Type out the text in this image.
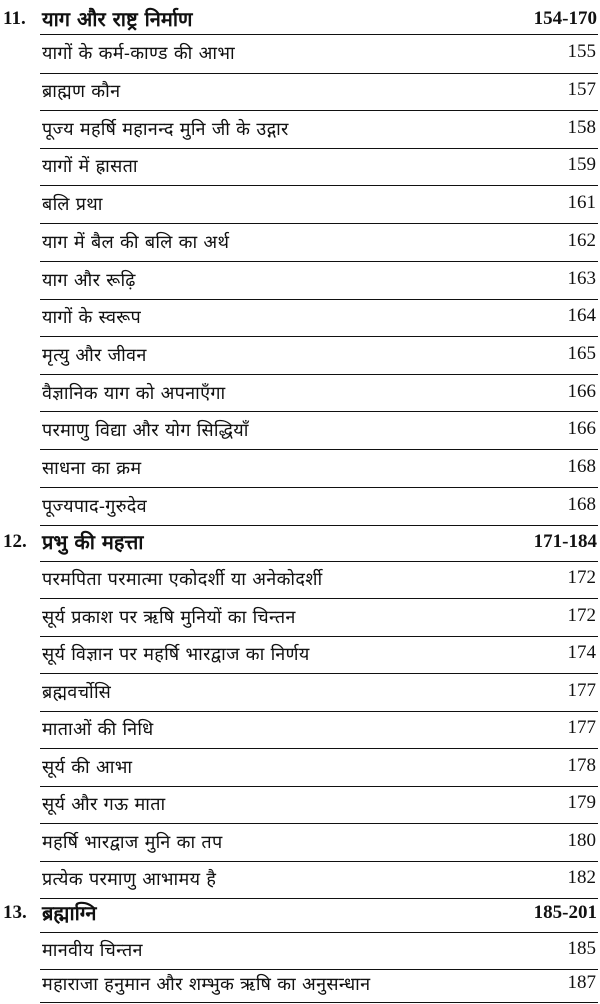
11. याग और राष्ट्र निर्माण	154-170
यागों के कर्म-काण्ड की आभा	155
ब्राह्मण कौन	157
पूज्य महर्षि महानन्द मुनि जी के उद्गार	158
यागों में ह्रासता	159
बलि प्रथा	161
याग में बैल की बलि का अर्थ	162
याग और रूढ़ि	163
यागों के स्वरूप	164
मृत्यु और जीवन	165
वैज्ञानिक याग को अपनाएँगा	166
परमाणु विद्या और योग सिद्धियाँ	166
साधना का क्रम	168
पूज्यपाद-गुरुदेव	168
12. प्रभु की महत्ता	171-184
परमपिता परमात्मा एकोदर्शी या अनेकोदर्शी	172
सूर्य प्रकाश पर ऋषि मुनियों का चिन्तन	172
सूर्य विज्ञान पर महर्षि भारद्वाज का निर्णय	174
ब्रह्मवर्चोसि	177
माताओं की निधि	177
सूर्य की आभा	178
सूर्य और गऊ माता	179
महर्षि भारद्वाज मुनि का तप	180
प्रत्येक परमाणु आभामय है	182
13. ब्रह्माग्नि	185-201
मानवीय चिन्तन	185
महाराजा हनुमान और शम्भुक ऋषि का अनुसन्धान	187
